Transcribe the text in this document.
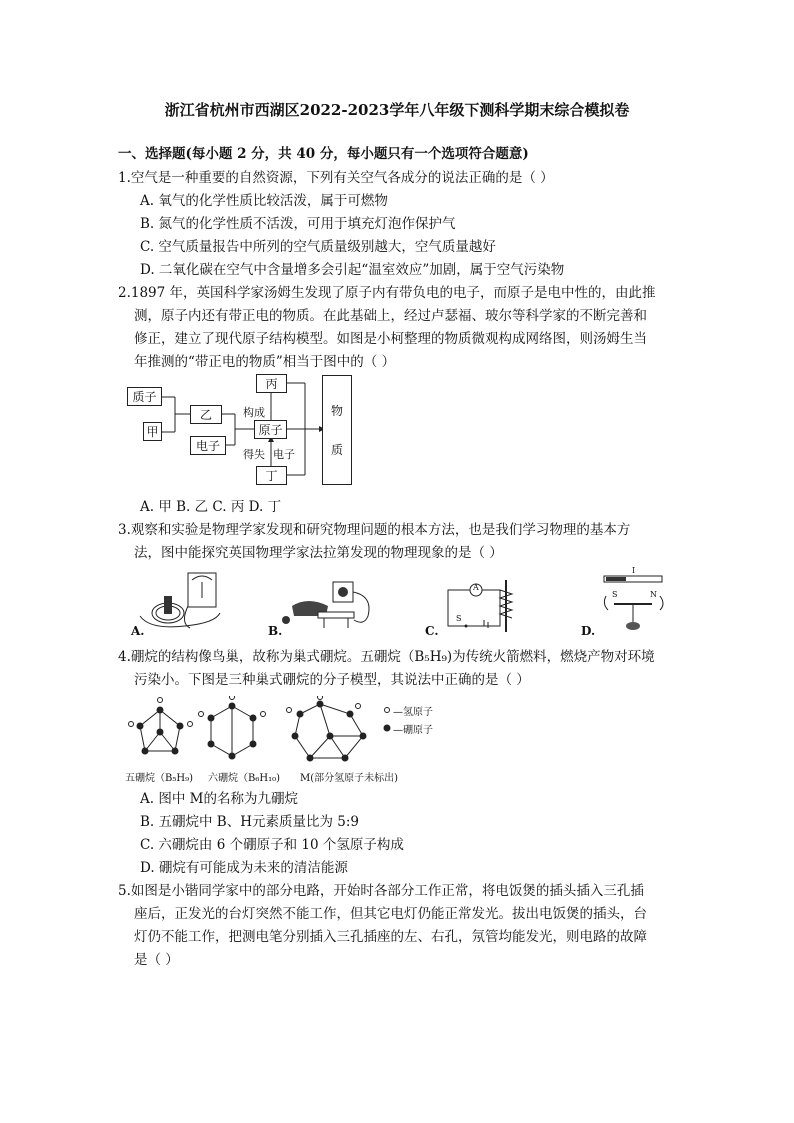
浙江省杭州市西湖区2022-2023学年八年级下测科学期末综合模拟卷
一、选择题(每小题 2 分，共 40 分，每小题只有一个选项符合题意)
1.空气是一种重要的自然资源，下列有关空气各成分的说法正确的是（ ）
A. 氧气的化学性质比较活泼，属于可燃物
B. 氮气的化学性质不活泼，可用于填充灯泡作保护气
C. 空气质量报告中所列的空气质量级别越大，空气质量越好
D. 二氧化碳在空气中含量增多会引起“温室效应”加剧，属于空气污染物
2.1897 年，英国科学家汤姆生发现了原子内有带负电的电子，而原子是电中性的，由此推
测，原子内还有带正电的物质。在此基础上，经过卢瑟福、玻尔等科学家的不断完善和
修正，建立了现代原子结构模型。如图是小柯整理的物质微观构成网络图，则汤姆生当
年推测的“带正电的物质”相当于图中的（ ）
质子
甲
乙
电子
原子
丙
丁
物
质
构成
得失 电子
A. 甲 B. 乙 C. 丙 D. 丁
3.观察和实验是物理学家发现和研究物理问题的根本方法，也是我们学习物理的基本方
法，图中能探究英国物理学家法拉第发现的物理现象的是（ ）
A.	B.
A
S
C.
I
S	N
D.
4.硼烷的结构像鸟巢，故称为巢式硼烷。五硼烷（B₅H₉)为传统火箭燃料，燃烧产物对环境
污染小。下图是三种巢式硼烷的分子模型，其说法中正确的是（ ）
—氢原子
—硼原子
五硼烷（B₅H₉) 六硼烷（B₆H₁₀) M(部分氢原子未标出)
A. 图中 M的名称为九硼烷
B. 五硼烷中 B、H元素质量比为 5:9
C. 六硼烷由 6 个硼原子和 10 个氢原子构成
D. 硼烷有可能成为未来的清洁能源
5.如图是小锴同学家中的部分电路，开始时各部分工作正常，将电饭煲的插头插入三孔插
座后，正发光的台灯突然不能工作，但其它电灯仍能正常发光。拔出电饭煲的插头，台
灯仍不能工作，把测电笔分别插入三孔插座的左、右孔，氖管均能发光，则电路的故障
是（ ）
